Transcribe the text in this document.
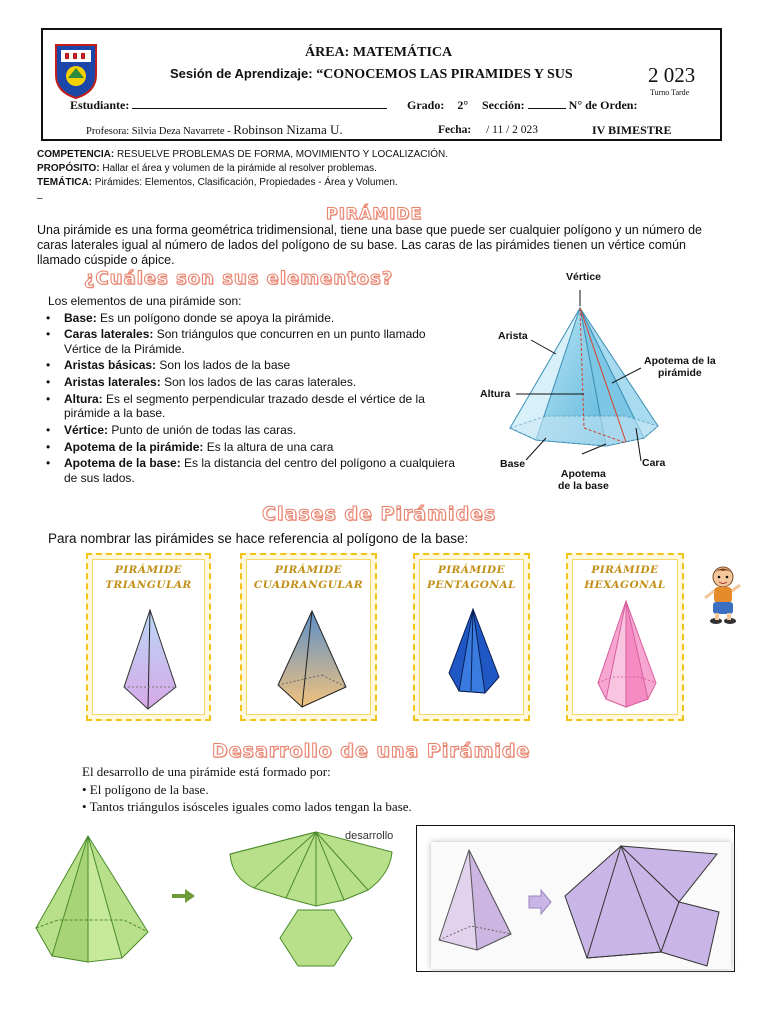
ÁREA: MATEMÁTICA
Sesión de Aprendizaje: “CONOCEMOS LAS PIRAMIDES Y SUS	2 023
Turno Tarde
Estudiante:	Grado: 2° Sección:	N° de Orden:
Profesora: Silvia Deza Navarrete - Robinson Nizama U.	Fecha: / 11 / 2 023	IV BIMESTRE
COMPETENCIA: RESUELVE PROBLEMAS DE FORMA, MOVIMIENTO Y LOCALIZACIÓN.
PROPÓSITO: Hallar el área y volumen de la pirámide al resolver problemas.
TEMÁTICA: Pirámides: Elementos, Clasificación, Propiedades - Área y Volumen.
–
PIRÁMIDE
Una pirámide es una forma geométrica tridimensional, tiene una base que puede ser cualquier polígono y un número de caras laterales igual al número de lados del polígono de su base. Las caras de las pirámides tienen un vértice común llamado cúspide o ápice.
¿Cuáles son sus elementos?
Los elementos de una pirámide son:
• Base: Es un polígono donde se apoya la pirámide.
• Caras laterales: Son triángulos que concurren en un punto llamado Vértice de la Pirámide.
• Aristas básicas: Son los lados de la base
• Aristas laterales: Son los lados de las caras laterales.
• Altura: Es el segmento perpendicular trazado desde el vértice de la pirámide a la base.
• Vértice: Punto de unión de todas las caras.
• Apotema de la pirámide: Es la altura de una cara
• Apotema de la base: Es la distancia del centro del polígono a cualquiera de sus lados.
Vértice
Arista
Altura
Base
Apotema de la
pirámide
Cara
Apotema
de la base
Clases de Pirámides
Para nombrar las pirámides se hace referencia al polígono de la base:
PIRÁMIDE
TRIANGULAR
PIRÁMIDE
CUADRANGULAR
PIRÁMIDE
PENTAGONAL
PIRÁMIDE
HEXAGONAL
Desarrollo de una Pirámide
El desarrollo de una pirámide está formado por:
• El polígono de la base.
• Tantos triángulos isósceles iguales como lados tengan la base.
desarrollo
